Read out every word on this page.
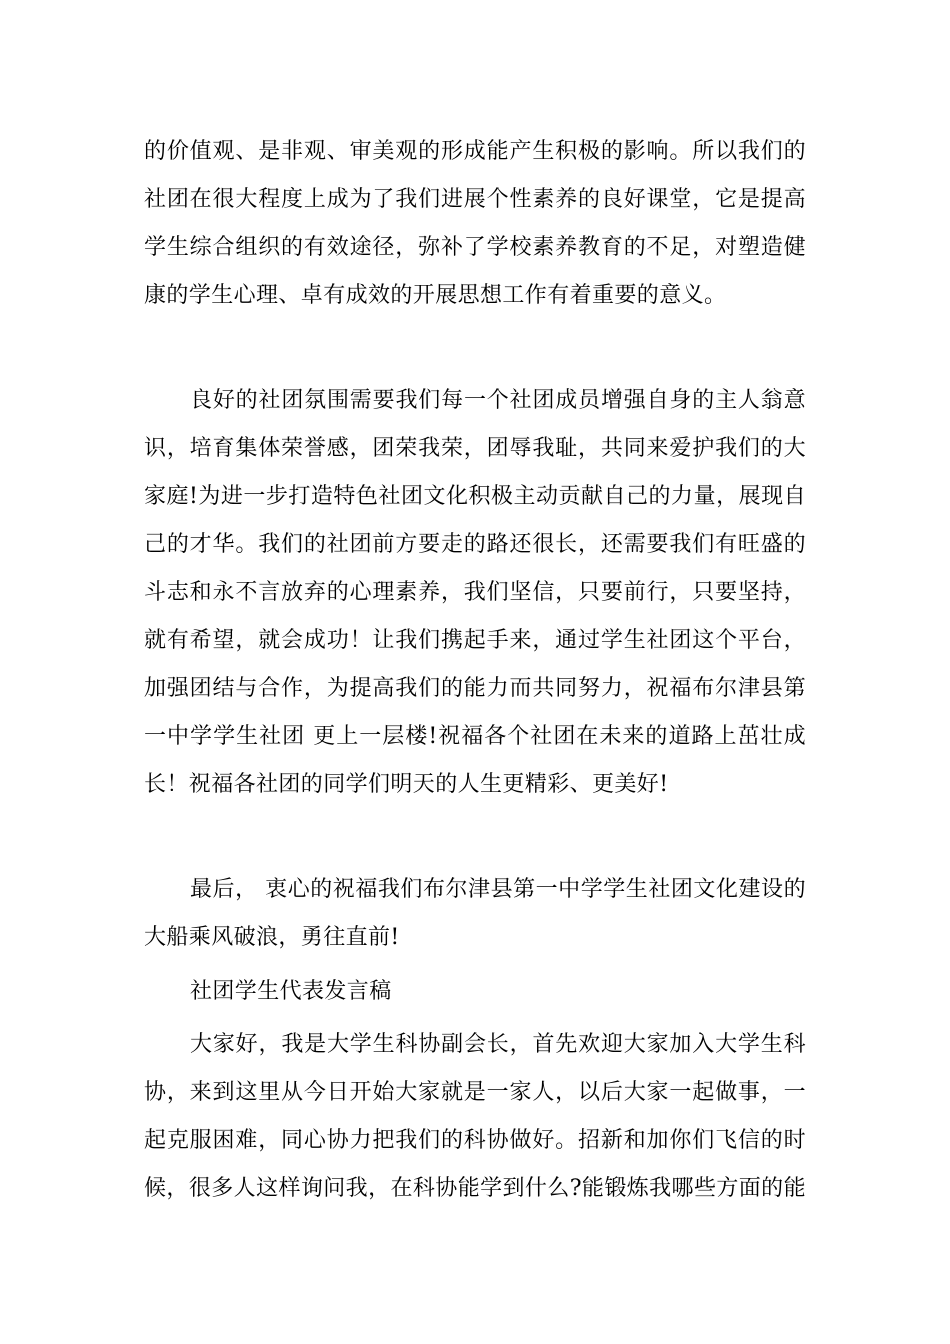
的价值观、是非观、审美观的形成能产生积极的影响。所以我们的
社团在很大程度上成为了我们进展个性素养的良好课堂，它是提高
学生综合组织的有效途径，弥补了学校素养教育的不足，对塑造健
康的学生心理、卓有成效的开展思想工作有着重要的意义。
良好的社团氛围需要我们每一个社团成员增强自身的主人翁意
识，培育集体荣誉感，团荣我荣，团辱我耻，共同来爱护我们的大
家庭!为进一步打造特色社团文化积极主动贡献自己的力量，展现自
己的才华。我们的社团前方要走的路还很长，还需要我们有旺盛的
斗志和永不言放弃的心理素养，我们坚信，只要前行，只要坚持，
就有希望，就会成功！让我们携起手来，通过学生社团这个平台，
加强团结与合作，为提高我们的能力而共同努力，祝福布尔津县第
一中学学生社团 更上一层楼!祝福各个社团在未来的道路上茁壮成
长！祝福各社团的同学们明天的人生更精彩、更美好!
最后， 衷心的祝福我们布尔津县第一中学学生社团文化建设的
大船乘风破浪，勇往直前!
社团学生代表发言稿
大家好，我是大学生科协副会长，首先欢迎大家加入大学生科
协，来到这里从今日开始大家就是一家人，以后大家一起做事，一
起克服困难，同心协力把我们的科协做好。招新和加你们飞信的时
候，很多人这样询问我，在科协能学到什么?能锻炼我哪些方面的能
